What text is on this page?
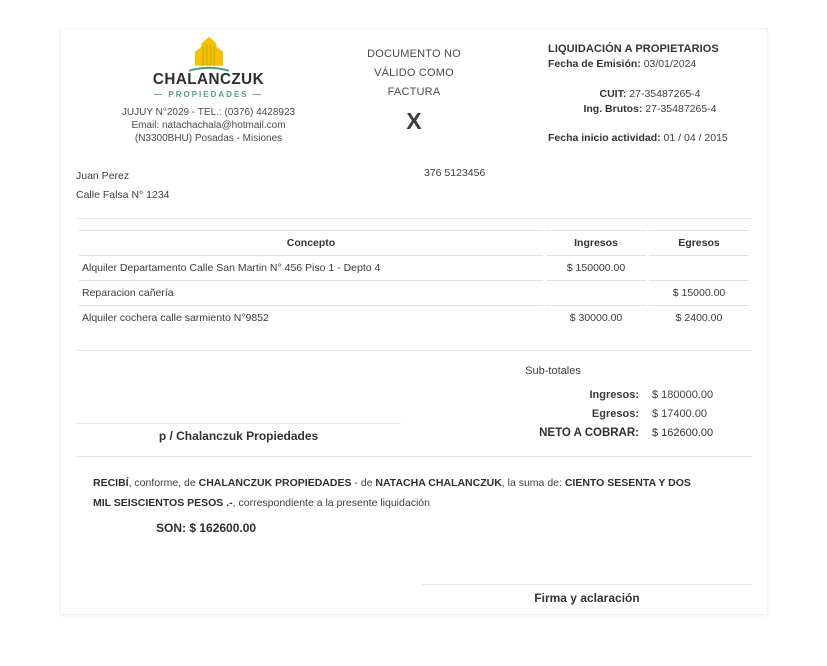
CHALANCZUK
— PROPIEDADES —
JUJUY N°2029 - TEL.: (0376) 4428923
Email: natachachala@hotmail.com
(N3300BHU) Posadas - Misiones
DOCUMENTO NO
VÁLIDO COMO
FACTURA
X
LIQUIDACIÓN A PROPIETARIOS
Fecha de Emisión: 03/01/2024
CUIT: 27-35487265-4
Ing. Brutos: 27-35487265-4
Fecha inicio actividad: 01 / 04 / 2015
Juan Perez
Calle Falsa N° 1234
376 5123456
Concepto	Ingresos	Egresos
Alquiler Departamento Calle San Martin N° 456 Piso 1 - Depto 4	$ 150000.00	
Reparacion cañería		$ 15000.00
Alquiler cochera calle sarmiento N°9852	$ 30000.00	$ 2400.00
p / Chalanczuk Propiedades
Sub-totales
Ingresos:	$ 180000.00
Egresos:	$ 17400.00
NETO A COBRAR:	$ 162600.00

RECIBÍ, conforme, de CHALANCZUK PROPIEDADES - de NATACHA CHALANCZUK, la suma de: CIENTO SESENTA Y DOS MIL SEISCIENTOS PESOS .-, correspondiente a la presente liquidación

SON: $ 162600.00
Firma y aclaración
